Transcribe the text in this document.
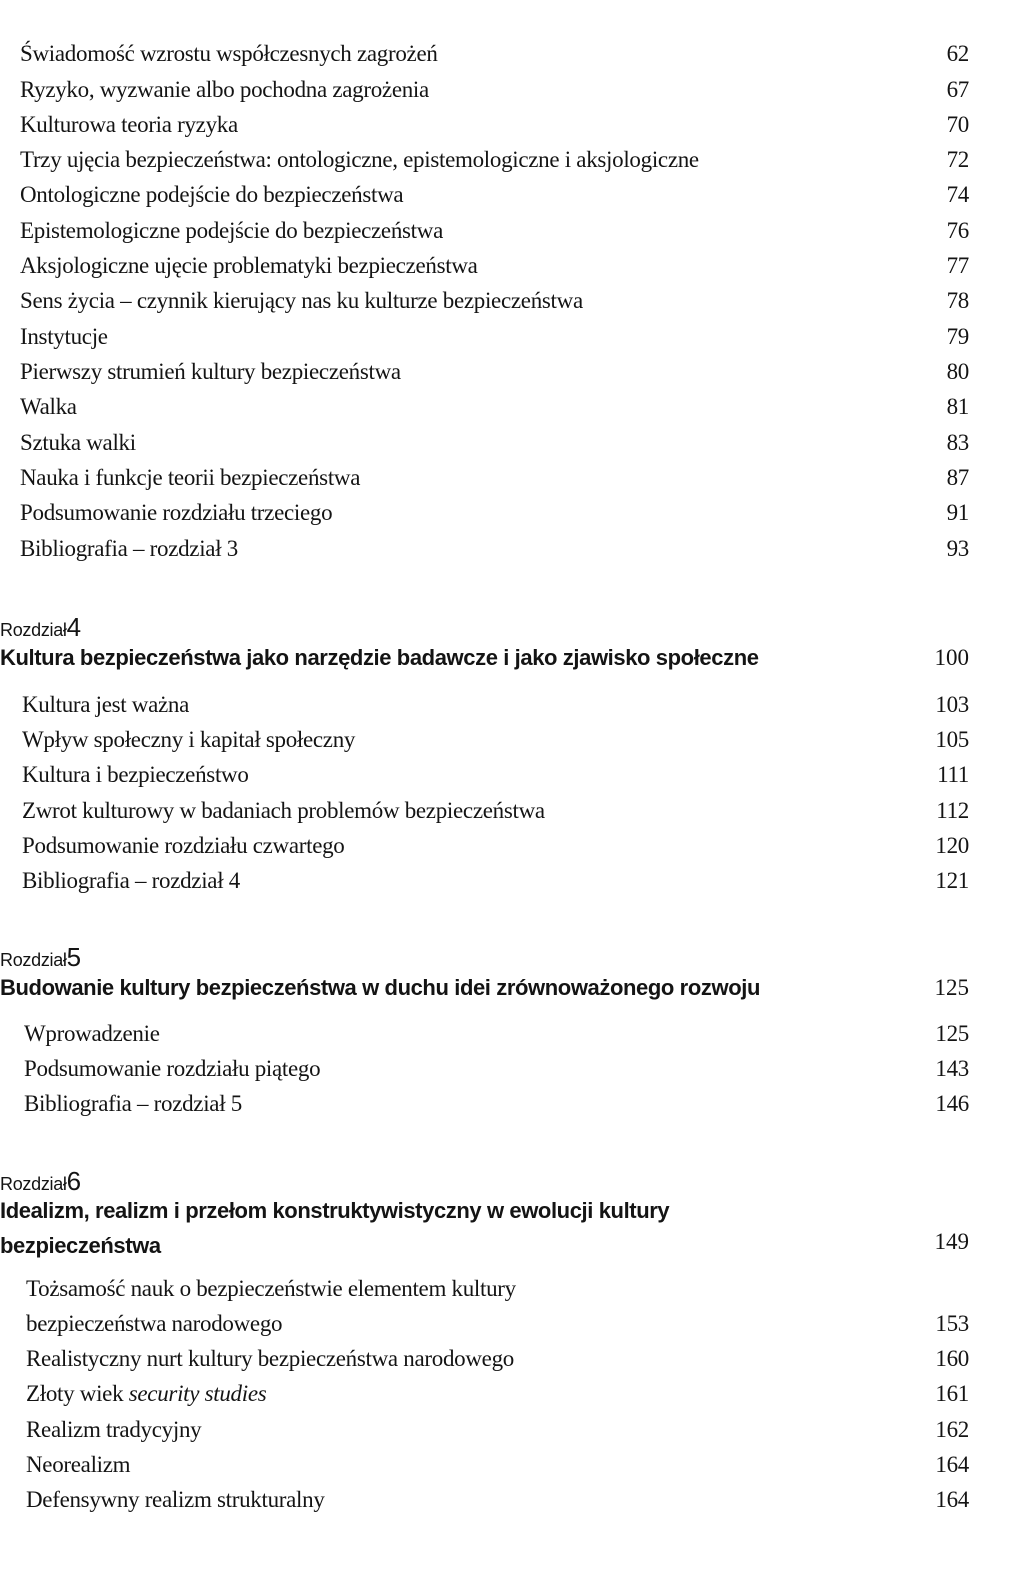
Świadomość wzrostu współczesnych zagrożeń	62
Ryzyko, wyzwanie albo pochodna zagrożenia	67
Kulturowa teoria ryzyka	70
Trzy ujęcia bezpieczeństwa: ontologiczne, epistemologiczne i aksjologiczne	72
Ontologiczne podejście do bezpieczeństwa	74
Epistemologiczne podejście do bezpieczeństwa	76
Aksjologiczne ujęcie problematyki bezpieczeństwa	77
Sens życia – czynnik kierujący nas ku kulturze bezpieczeństwa	78
Instytucje	79
Pierwszy strumień kultury bezpieczeństwa	80
Walka	81
Sztuka walki	83
Nauka i funkcje teorii bezpieczeństwa	87
Podsumowanie rozdziału trzeciego	91
Bibliografia – rozdział 3	93
Rozdział4
Kultura bezpieczeństwa jako narzędzie badawcze i jako zjawisko społeczne	100
Kultura jest ważna	103
Wpływ społeczny i kapitał społeczny	105
Kultura i bezpieczeństwo	111
Zwrot kulturowy w badaniach problemów bezpieczeństwa	112
Podsumowanie rozdziału czwartego	120
Bibliografia – rozdział 4	121
Rozdział5
Budowanie kultury bezpieczeństwa w duchu idei zrównoważonego rozwoju	125
Wprowadzenie	125
Podsumowanie rozdziału piątego	143
Bibliografia – rozdział 5	146
Rozdział6
Idealizm, realizm i przełom konstruktywistyczny w ewolucji kultury
bezpieczeństwa	149
Tożsamość nauk o bezpieczeństwie elementem kultury
bezpieczeństwa narodowego	153
Realistyczny nurt kultury bezpieczeństwa narodowego	160
Złoty wiek security studies	161
Realizm tradycyjny	162
Neorealizm	164
Defensywny realizm strukturalny	164
